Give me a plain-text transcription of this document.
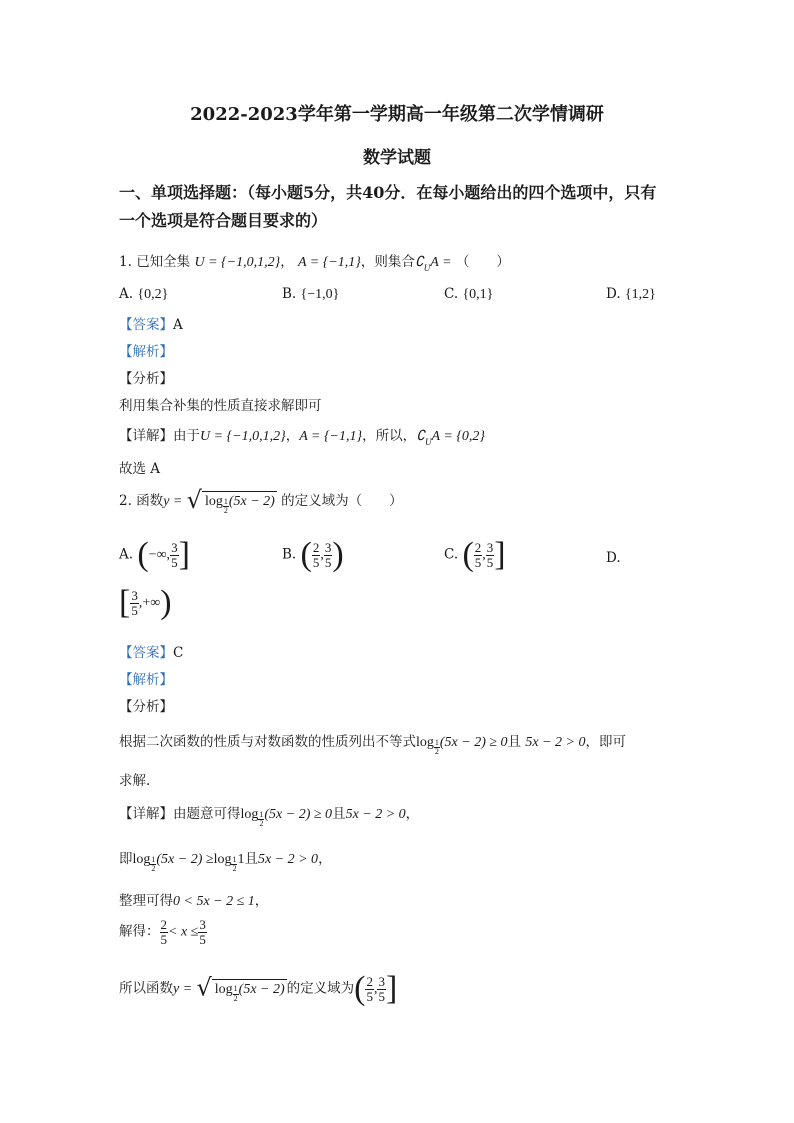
2022-2023学年第一学期高一年级第二次学情调研
数学试题
一、单项选择题：（每小题5分，共40分．在每小题给出的四个选项中，只有
一个选项是符合题目要求的）
1. 已知全集 U = {−1,0,1,2}， A = {−1,1}，则集合$∁_UA$ = （　　）
A. {0,2}	B. {−1,0}	C. {0,1}	D. {1,2}
【答案】A
【解析】
【分析】
利用集合补集的性质直接求解即可
【详解】由于U = {−1,0,1,2}，A = {−1,1}，所以，$∁_UA = \{0,2\}$
故选 A
2. 函数y = √ $\log \frac{1}{2} (5x - 2)$ 的定义域为（　　）
A. (−∞, $\frac{3}{5}$ ]	B. ( $\frac{2}{5}$ , $\frac{3}{5}$ )	C. ( $\frac{2}{5}$ , $\frac{3}{5}$ ]	D.
[ $\frac{3}{5}$ ,+∞)
【答案】C
【解析】
【分析】
根据二次函数的性质与对数函数的性质列出不等式$\log \frac{1}{2} (5x - 2) \ge 0$且 5x − 2 > 0，即可
求解.
【详解】由题意可得$\log \frac{1}{2} (5x - 2) \ge 0$且5x − 2 > 0，
即$\log \frac{1}{2} (5x - 2) \ge\log \frac{1}{2} 1$且5x − 2 > 0，
整理可得0 < 5x − 2 ≤ 1，
解得： $\frac{2}{5} < x \le \frac{3}{5}$
所以函数y = √ $\log \frac{1}{2} (5x - 2)$ 的定义域为( $\frac{2}{5}$ , $\frac{3}{5}$ ]
